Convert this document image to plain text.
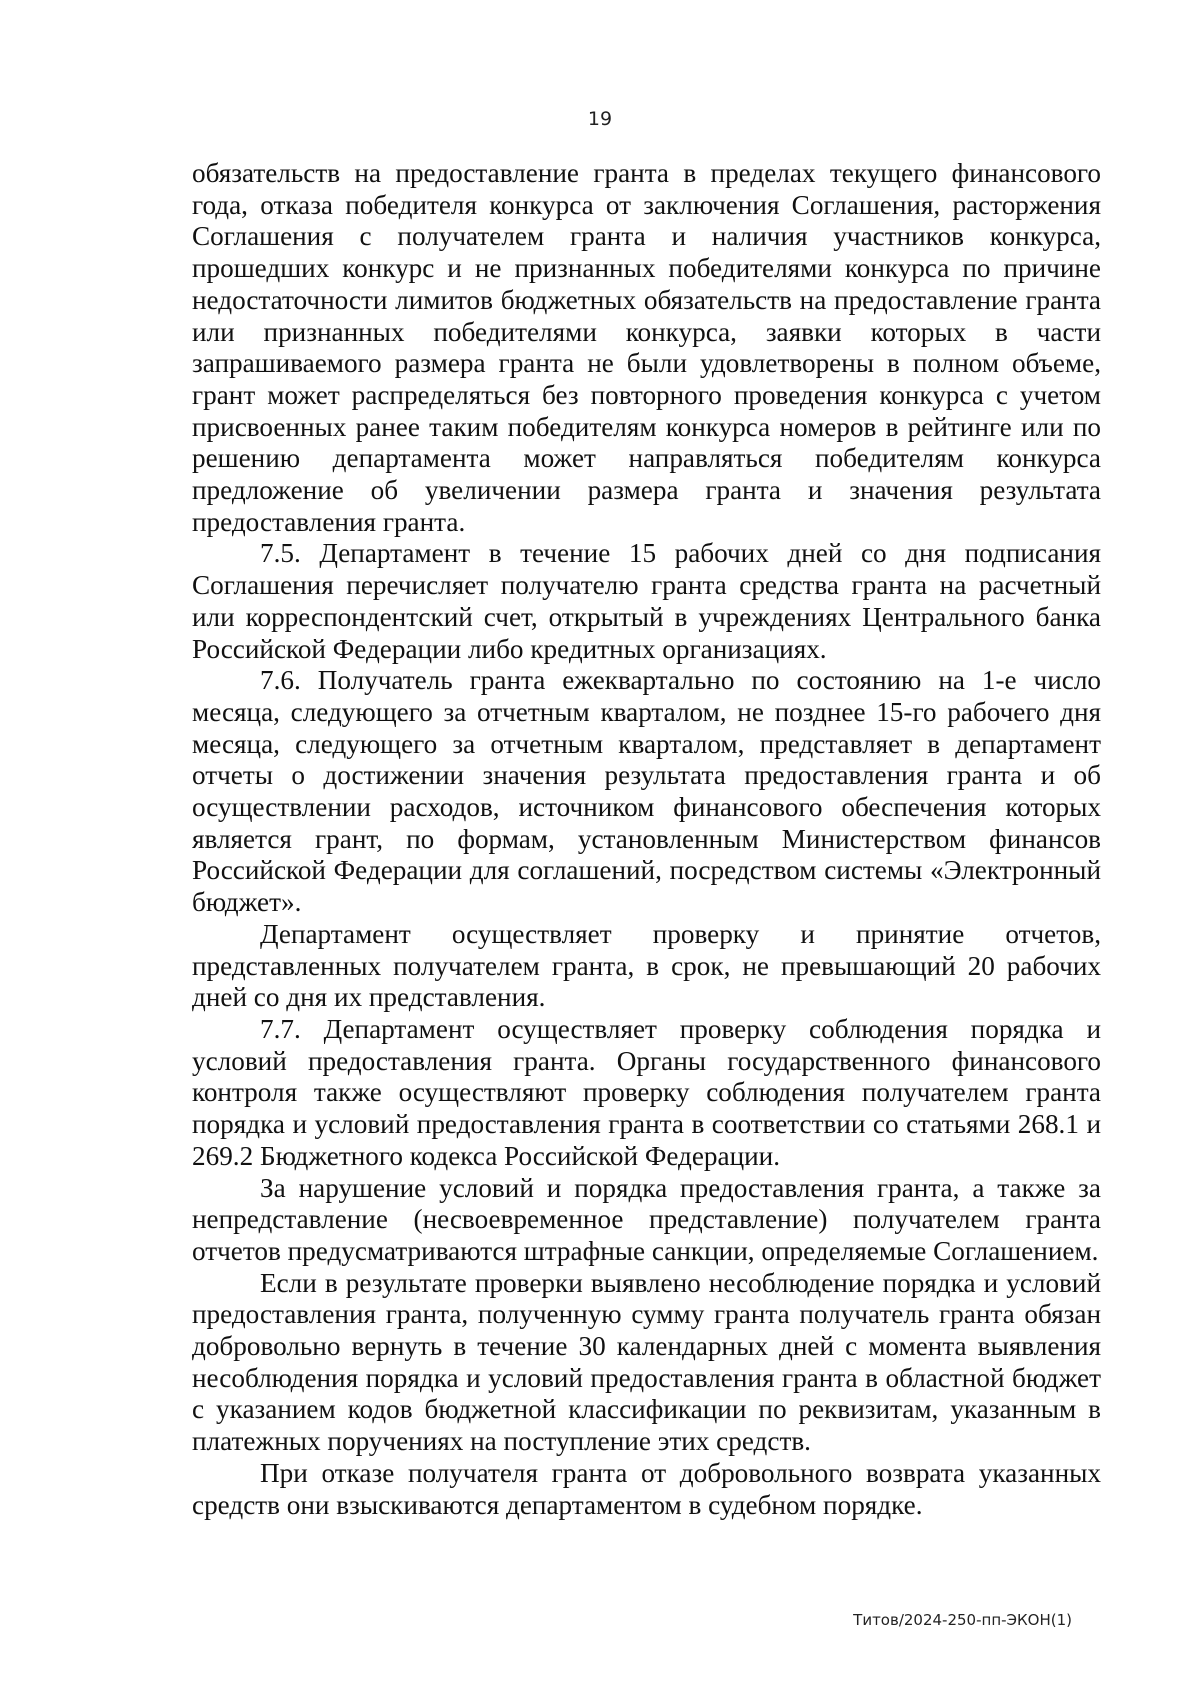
19

обязательств на предоставление гранта в пределах текущего финансового года, отказа победителя конкурса от заключения Соглашения, расторжения Соглашения с получателем гранта и наличия участников конкурса, прошедших конкурс и не признанных победителями конкурса по причине недостаточности лимитов бюджетных обязательств на предоставление гранта или признанных победителями конкурса, заявки которых в части запрашиваемого размера гранта не были удовлетворены в полном объеме, грант может распределяться без повторного проведения конкурса с учетом присвоенных ранее таким победителям конкурса номеров в рейтинге или по решению департамента может направляться победителям конкурса предложение об увеличении размера гранта и значения результата предоставления гранта.

7.5. Департамент в течение 15 рабочих дней со дня подписания Соглашения перечисляет получателю гранта средства гранта на расчетный или корреспондентский счет, открытый в учреждениях Центрального банка Российской Федерации либо кредитных организациях.

7.6. Получатель гранта ежеквартально по состоянию на 1-е число месяца, следующего за отчетным кварталом, не позднее 15-го рабочего дня месяца, следующего за отчетным кварталом, представляет в департамент отчеты о достижении значения результата предоставления гранта и об осуществлении расходов, источником финансового обеспечения которых является грант, по формам, установленным Министерством финансов Российской Федерации для соглашений, посредством системы «Электронный бюджет».

Департамент осуществляет проверку и принятие отчетов, представленных получателем гранта, в срок, не превышающий 20 рабочих дней со дня их представления.

7.7. Департамент осуществляет проверку соблюдения порядка и условий предоставления гранта. Органы государственного финансового контроля также осуществляют проверку соблюдения получателем гранта порядка и условий предоставления гранта в соответствии со статьями 268.1 и 269.2 Бюджетного кодекса Российской Федерации.

За нарушение условий и порядка предоставления гранта, а также за непредставление (несвоевременное представление) получателем гранта отчетов предусматриваются штрафные санкции, определяемые Соглашением.

Если в результате проверки выявлено несоблюдение порядка и условий предоставления гранта, полученную сумму гранта получатель гранта обязан добровольно вернуть в течение 30 календарных дней с момента выявления несоблюдения порядка и условий предоставления гранта в областной бюджет с указанием кодов бюджетной классификации по реквизитам, указанным в платежных поручениях на поступление этих средств.

При отказе получателя гранта от добровольного возврата указанных средств они взыскиваются департаментом в судебном порядке.

Титов/2024-250-пп-ЭКОН(1)
